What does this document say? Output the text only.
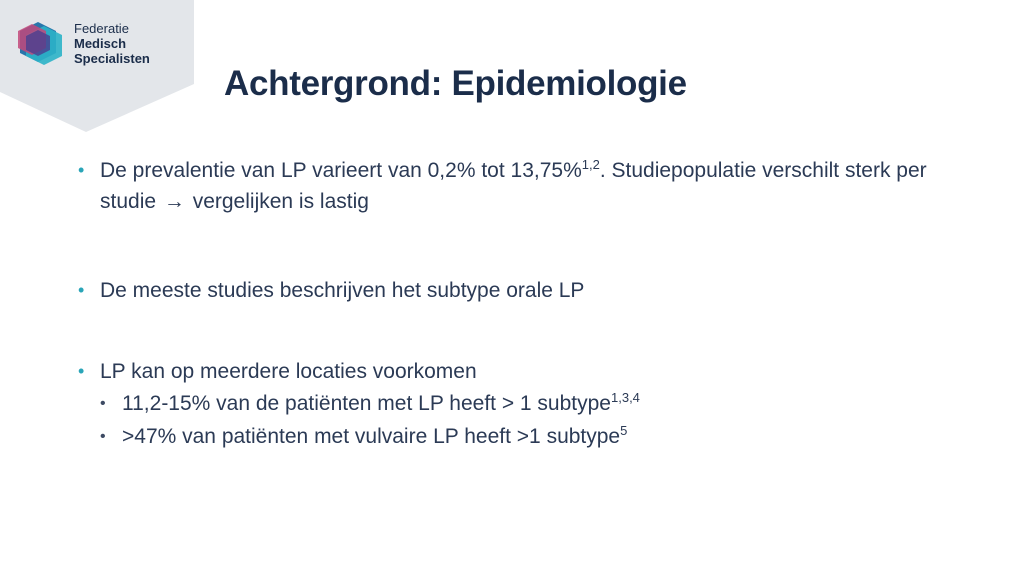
Federatie
Medisch
Specialisten
Achtergrond: Epidemiologie
• De prevalentie van LP varieert van 0,2% tot 13,75%$^{1,2}$. Studiepopulatie verschilt sterk per studie → vergelijken is lastig
• De meeste studies beschrijven het subtype orale LP
• LP kan op meerdere locaties voorkomen
• 11,2-15% van de patiënten met LP heeft > 1 subtype$^{1,3,4}$
• >47% van patiënten met vulvaire LP heeft >1 subtype$^5$
